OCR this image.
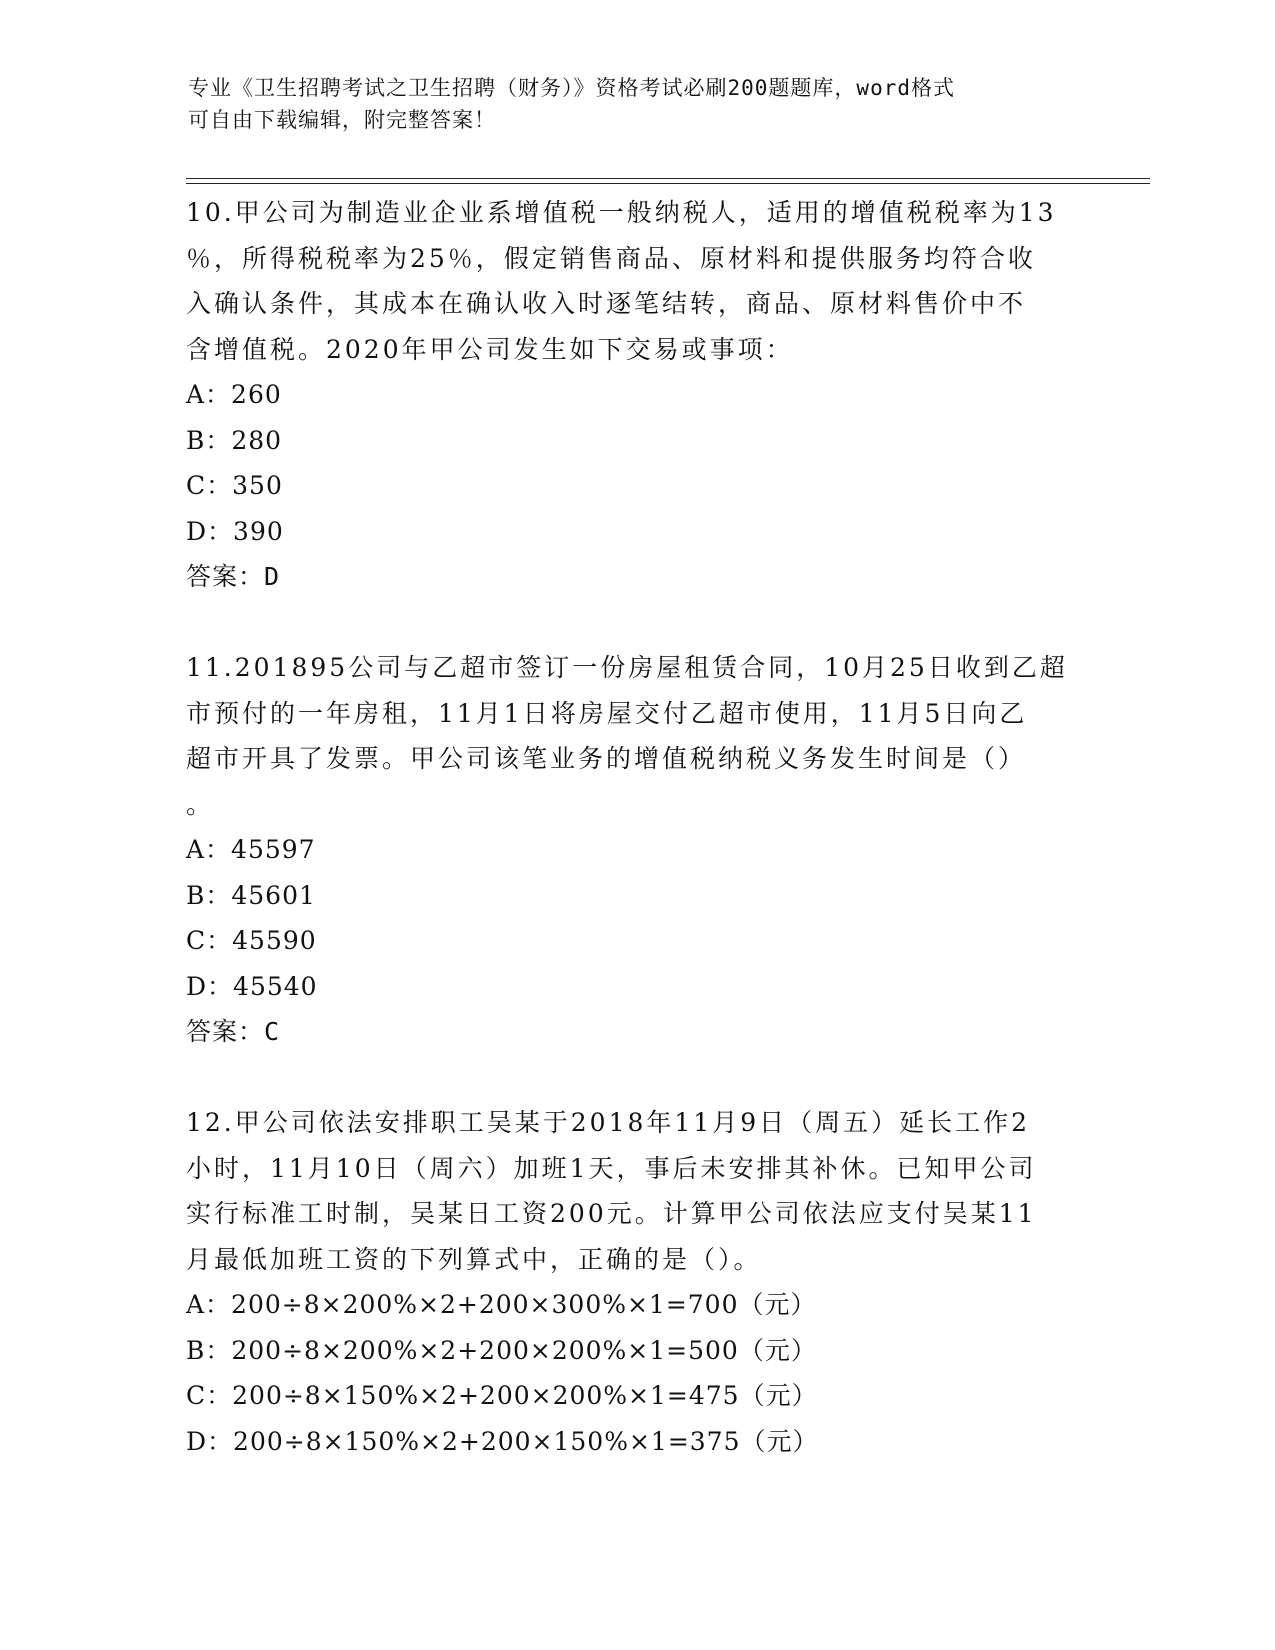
专业《卫生招聘考试之卫生招聘（财务）》资格考试必刷200题题库，word格式
可自由下载编辑，附完整答案！
10.甲公司为制造业企业系增值税一般纳税人，适用的增值税税率为13
％，所得税税率为25％，假定销售商品、原材料和提供服务均符合收
入确认条件，其成本在确认收入时逐笔结转，商品、原材料售价中不
含增值税。2020年甲公司发生如下交易或事项：
A：260
B：280
C：350
D：390
答案：D
11.201895公司与乙超市签订一份房屋租赁合同，10月25日收到乙超
市预付的一年房租，11月1日将房屋交付乙超市使用，11月5日向乙
超市开具了发票。甲公司该笔业务的增值税纳税义务发生时间是（）
。
A：45597
B：45601
C：45590
D：45540
答案：C
12.甲公司依法安排职工吴某于2018年11月9日（周五）延长工作2
小时，11月10日（周六）加班1天，事后未安排其补休。已知甲公司
实行标准工时制，吴某日工资200元。计算甲公司依法应支付吴某11
月最低加班工资的下列算式中，正确的是（）。
A：200÷8×200%×2+200×300%×1=700（元）
B：200÷8×200%×2+200×200%×1=500（元）
C：200÷8×150%×2+200×200%×1=475（元）
D：200÷8×150%×2+200×150%×1=375（元）
